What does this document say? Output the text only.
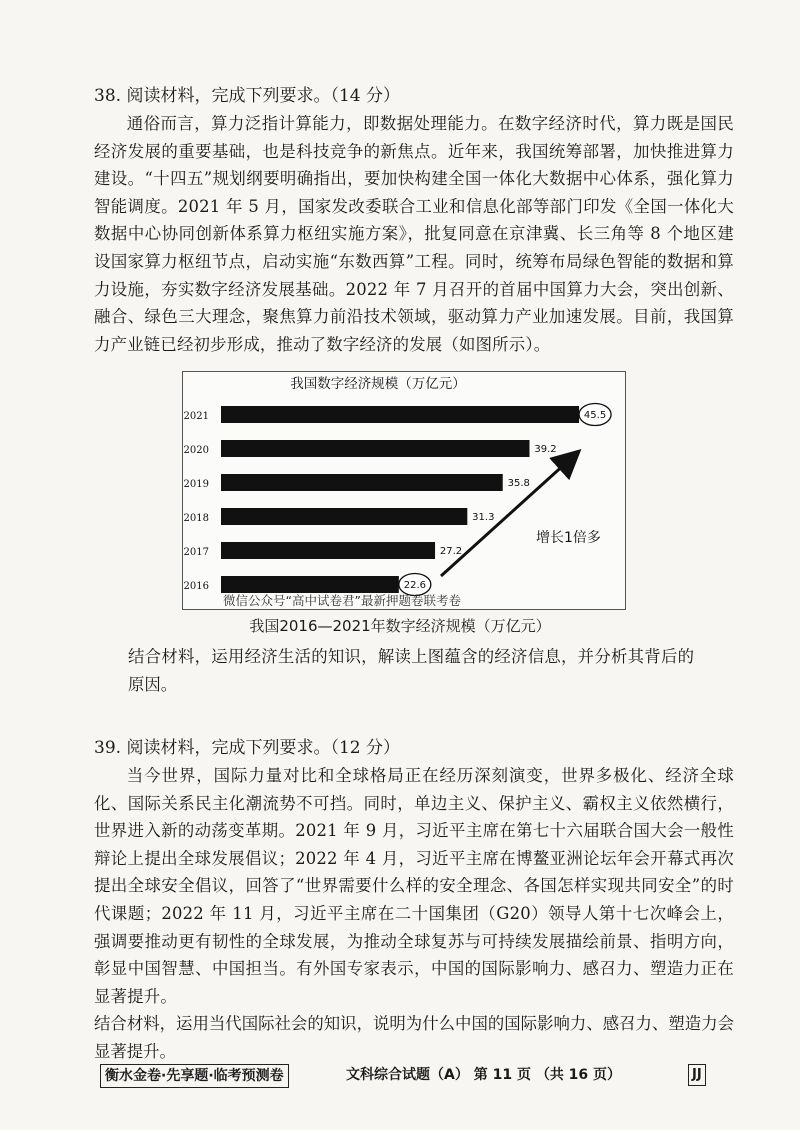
38. 阅读材料，完成下列要求。（14 分）

通俗而言，算力泛指计算能力，即数据处理能力。在数字经济时代，算力既是国民经济发展的重要基础，也是科技竞争的新焦点。近年来，我国统筹部署，加快推进算力建设。“十四五”规划纲要明确指出，要加快构建全国一体化大数据中心体系，强化算力智能调度。2021 年 5 月，国家发改委联合工业和信息化部等部门印发《全国一体化大数据中心协同创新体系算力枢纽实施方案》，批复同意在京津冀、长三角等 8 个地区建设国家算力枢纽节点，启动实施“东数西算”工程。同时，统筹布局绿色智能的数据和算力设施，夯实数字经济发展基础。2022 年 7 月召开的首届中国算力大会，突出创新、融合、绿色三大理念，聚焦算力前沿技术领域，驱动算力产业加速发展。目前，我国算力产业链已经初步形成，推动了数字经济的发展（如图所示）。

我国数字经济规模（万亿元）
2021	45.5
2020	39.2
2019	35.8
2018	31.3
2017	27.2
2016	22.6
增长1倍多
微信公众号“高中试卷君”最新押题卷联考卷
我国2016—2021年数字经济规模（万亿元）

结合材料，运用经济生活的知识，解读上图蕴含的经济信息，并分析其背后的原因。

39. 阅读材料，完成下列要求。（12 分）

当今世界，国际力量对比和全球格局正在经历深刻演变，世界多极化、经济全球化、国际关系民主化潮流势不可挡。同时，单边主义、保护主义、霸权主义依然横行，世界进入新的动荡变革期。2021 年 9 月，习近平主席在第七十六届联合国大会一般性辩论上提出全球发展倡议；2022 年 4 月，习近平主席在博鳌亚洲论坛年会开幕式再次提出全球安全倡议，回答了“世界需要什么样的安全理念、各国怎样实现共同安全”的时代课题；2022 年 11 月，习近平主席在二十国集团（G20）领导人第十七次峰会上，强调要推动更有韧性的全球发展，为推动全球复苏与可持续发展描绘前景、指明方向，彰显中国智慧、中国担当。有外国专家表示，中国的国际影响力、感召力、塑造力正在显著提升。

结合材料，运用当代国际社会的知识，说明为什么中国的国际影响力、感召力、塑造力会显著提升。

衡水金卷·先享题·临考预测卷	文科综合试题（A） 第 11 页 （共 16 页）	JJ
